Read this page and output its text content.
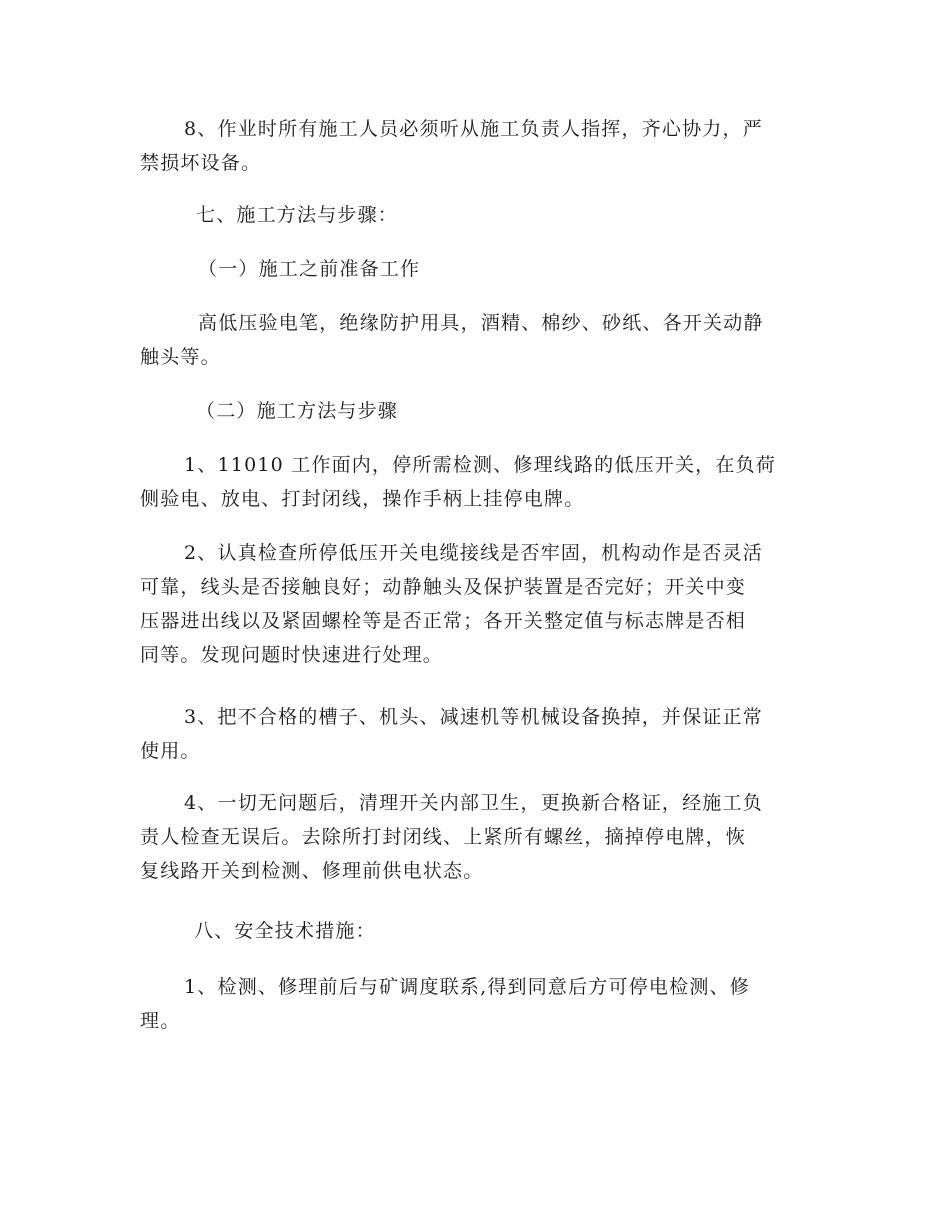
8、作业时所有施工人员必须听从施工负责人指挥，齐心协力，严
禁损坏设备。

七、施工方法与步骤：

（一）施工之前准备工作

高低压验电笔，绝缘防护用具，酒精、棉纱、砂纸、各开关动静
触头等。

（二）施工方法与步骤

1、11010 工作面内，停所需检测、修理线路的低压开关，在负荷
侧验电、放电、打封闭线，操作手柄上挂停电牌。

2、认真检查所停低压开关电缆接线是否牢固，机构动作是否灵活
可靠，线头是否接触良好；动静触头及保护装置是否完好；开关中变
压器进出线以及紧固螺栓等是否正常；各开关整定值与标志牌是否相
同等。发现问题时快速进行处理。

3、把不合格的槽子、机头、减速机等机械设备换掉，并保证正常
使用。

4、一切无问题后，清理开关内部卫生，更换新合格证，经施工负
责人检查无误后。去除所打封闭线、上紧所有螺丝，摘掉停电牌，恢
复线路开关到检测、修理前供电状态。

八、安全技术措施：

1、检测、修理前后与矿调度联系,得到同意后方可停电检测、修
理。
